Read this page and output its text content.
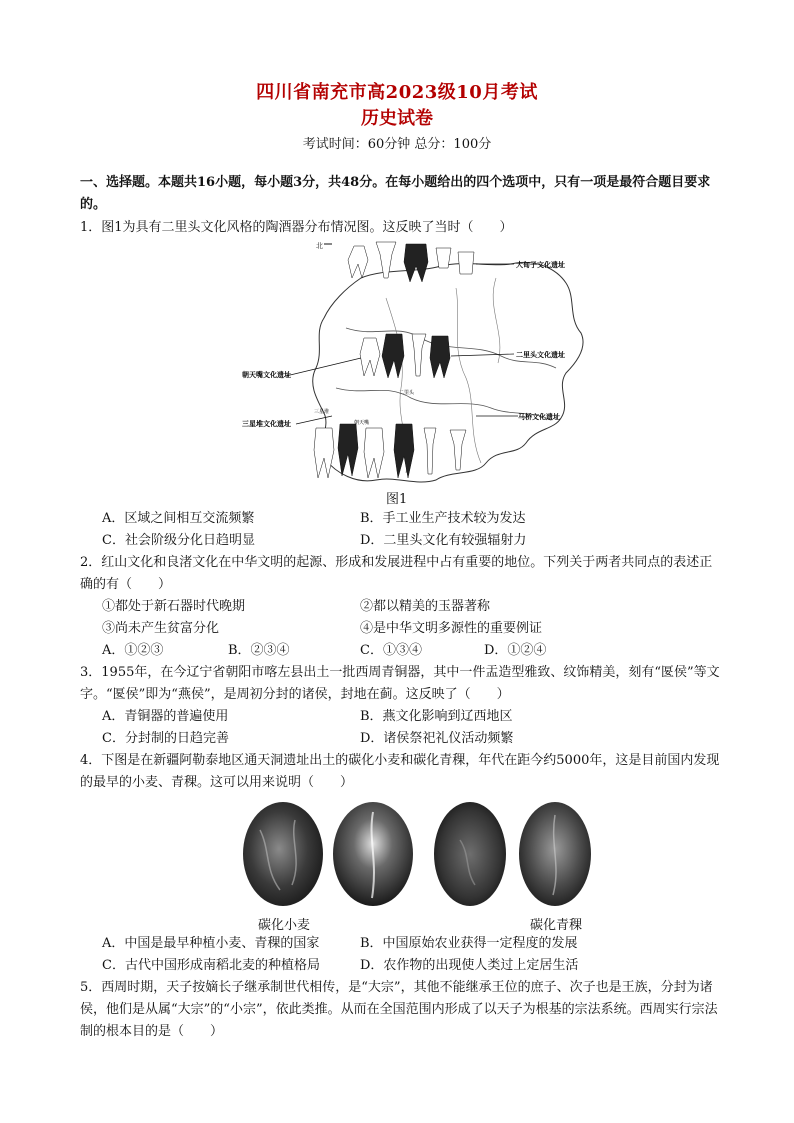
四川省南充市高2023级10月考试
历史试卷
考试时间：60分钟 总分：100分
一、选择题。本题共16小题，每小题3分，共48分。在每小题给出的四个选项中，只有一项是最符合题目要求的。
1．图1为具有二里头文化风格的陶酒器分布情况图。这反映了当时（　　）
北
大甸子文化遗址
二里头文化遗址
朝天嘴文化遗址
二里头
马桥文化遗址
三星堆文化遗址
三星堆
朝天嘴
图1
A．区域之间相互交流频繁	B．手工业生产技术较为发达
C．社会阶级分化日趋明显	D．二里头文化有较强辐射力
2．红山文化和良渚文化在中华文明的起源、形成和发展进程中占有重要的地位。下列关于两者共同点的表述正确的有（　　）
①都处于新石器时代晚期	②都以精美的玉器著称
③尚未产生贫富分化	④是中华文明多源性的重要例证
A．①②③	B．②③④	C．①③④	D．①②④
3．1955年，在今辽宁省朝阳市喀左县出土一批西周青铜器，其中一件盂造型雅致、纹饰精美，刻有“匽侯”等文字。“匽侯”即为“燕侯”，是周初分封的诸侯，封地在蓟。这反映了（　　）
A．青铜器的普遍使用	B．燕文化影响到辽西地区
C．分封制的日趋完善	D．诸侯祭祀礼仪活动频繁
4．下图是在新疆阿勒泰地区通天洞遗址出土的碳化小麦和碳化青稞，年代在距今约5000年，这是目前国内发现的最早的小麦、青稞。这可以用来说明（　　）
碳化小麦	碳化青稞
A．中国是最早种植小麦、青稞的国家	B．中国原始农业获得一定程度的发展
C．古代中国形成南稻北麦的种植格局	D．农作物的出现使人类过上定居生活
5．西周时期，天子按嫡长子继承制世代相传，是“大宗”，其他不能继承王位的庶子、次子也是王族，分封为诸侯，他们是从属“大宗”的“小宗”，依此类推。从而在全国范围内形成了以天子为根基的宗法系统。西周实行宗法制的根本目的是（　　）
